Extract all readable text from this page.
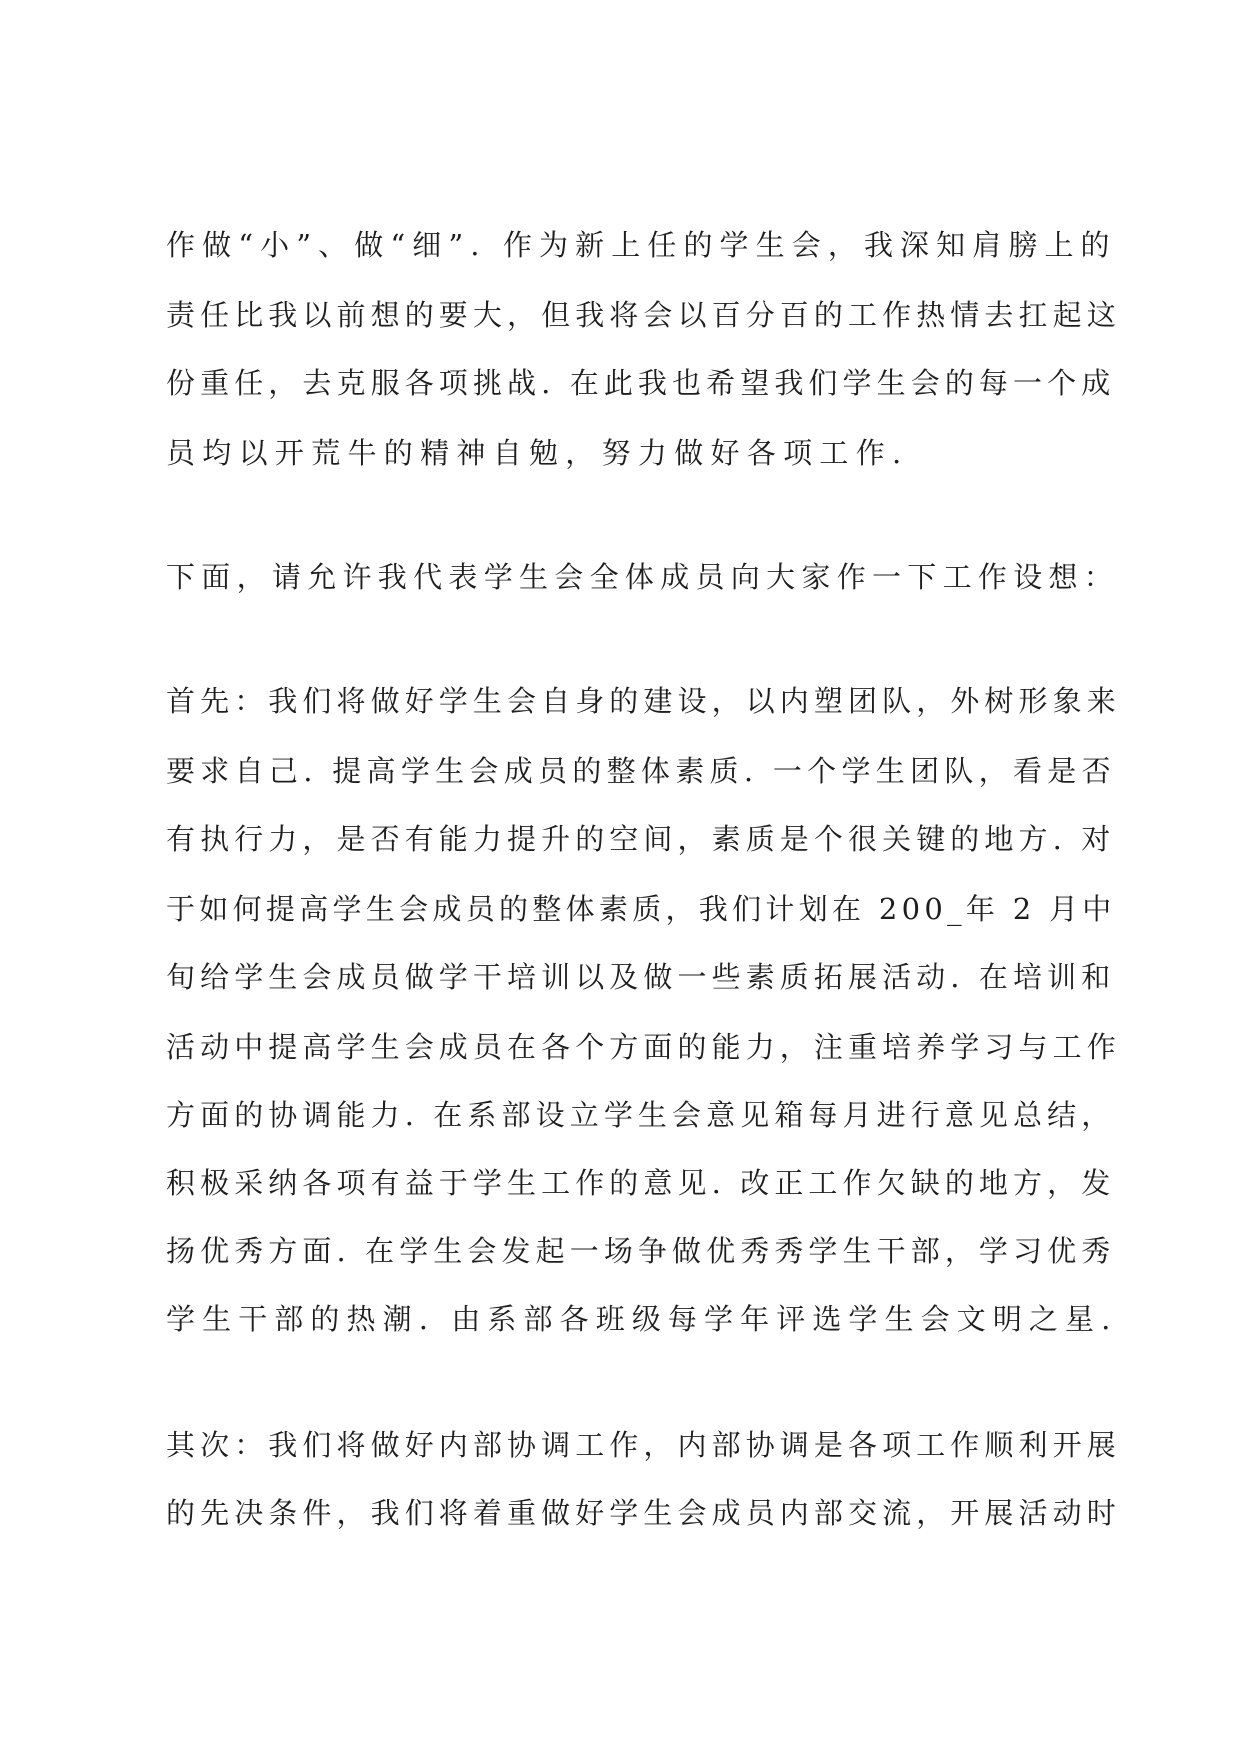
作做“小”、做“细”. 作为新上任的学生会，我深知肩膀上的
责任比我以前想的要大，但我将会以百分百的工作热情去扛起这
份重任，去克服各项挑战. 在此我也希望我们学生会的每一个成
员均以开荒牛的精神自勉，努力做好各项工作.
下面，请允许我代表学生会全体成员向大家作一下工作设想：
首先：我们将做好学生会自身的建设，以内塑团队，外树形象来
要求自己. 提高学生会成员的整体素质. 一个学生团队，看是否
有执行力，是否有能力提升的空间，素质是个很关键的地方. 对
于如何提高学生会成员的整体素质，我们计划在 200_年 2 月中
旬给学生会成员做学干培训以及做一些素质拓展活动. 在培训和
活动中提高学生会成员在各个方面的能力，注重培养学习与工作
方面的协调能力. 在系部设立学生会意见箱每月进行意见总结，
积极采纳各项有益于学生工作的意见. 改正工作欠缺的地方，发
扬优秀方面. 在学生会发起一场争做优秀秀学生干部，学习优秀
学生干部的热潮. 由系部各班级每学年评选学生会文明之星.
其次：我们将做好内部协调工作，内部协调是各项工作顺利开展
的先决条件，我们将着重做好学生会成员内部交流，开展活动时
